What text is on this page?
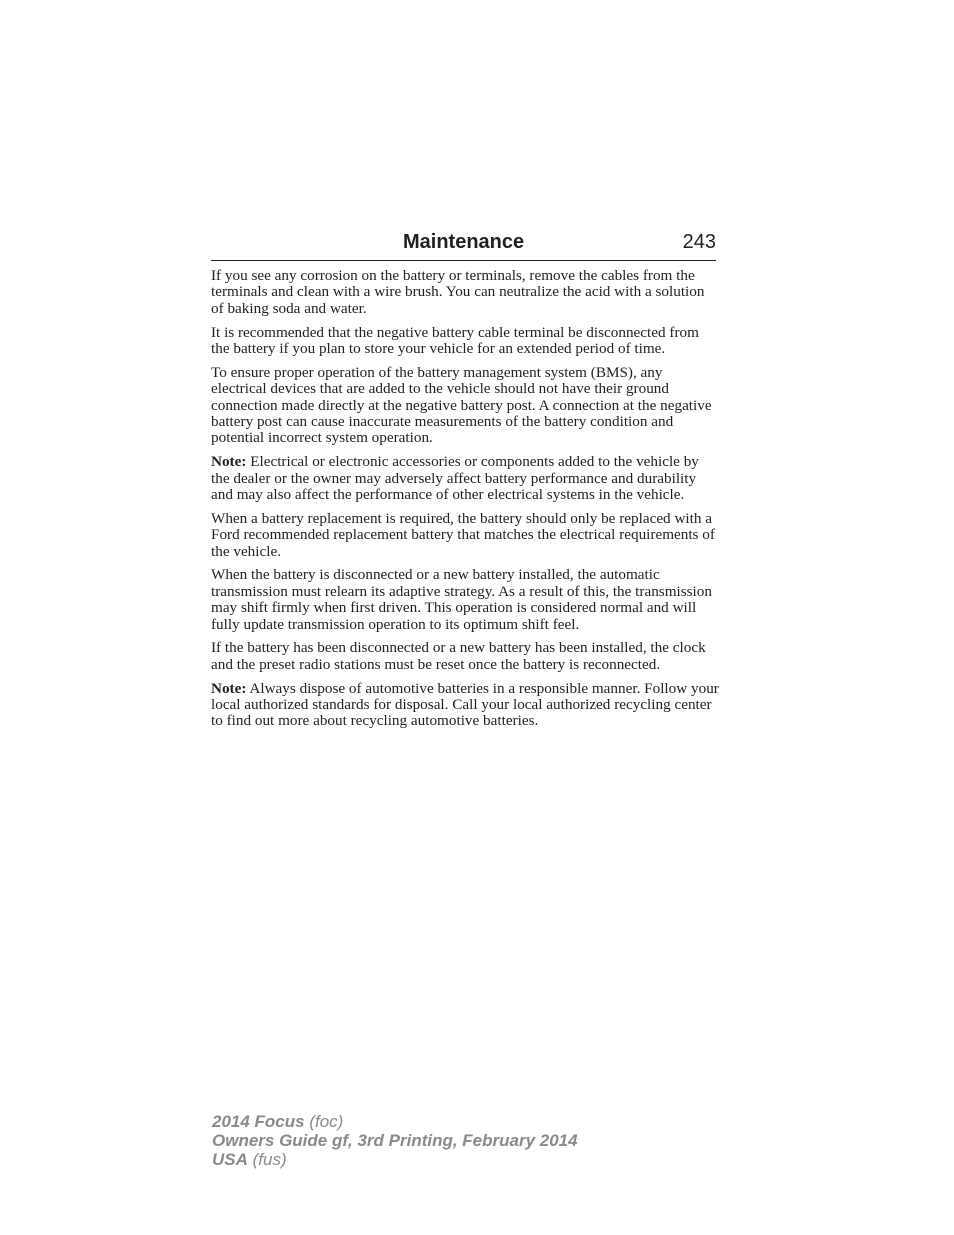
Maintenance	243

If you see any corrosion on the battery or terminals, remove the cables from the terminals and clean with a wire brush. You can neutralize the acid with a solution of baking soda and water.

It is recommended that the negative battery cable terminal be disconnected from the battery if you plan to store your vehicle for an extended period of time.

To ensure proper operation of the battery management system (BMS), any electrical devices that are added to the vehicle should not have their ground connection made directly at the negative battery post. A connection at the negative battery post can cause inaccurate measurements of the battery condition and potential incorrect system operation.

Note: Electrical or electronic accessories or components added to the vehicle by the dealer or the owner may adversely affect battery performance and durability and may also affect the performance of other electrical systems in the vehicle.

When a battery replacement is required, the battery should only be replaced with a Ford recommended replacement battery that matches the electrical requirements of the vehicle.

When the battery is disconnected or a new battery installed, the automatic transmission must relearn its adaptive strategy. As a result of this, the transmission may shift firmly when first driven. This operation is considered normal and will fully update transmission operation to its optimum shift feel.

If the battery has been disconnected or a new battery has been installed, the clock and the preset radio stations must be reset once the battery is reconnected.

Note: Always dispose of automotive batteries in a responsible manner. Follow your local authorized standards for disposal. Call your local authorized recycling center to find out more about recycling automotive batteries.

2014 Focus (foc)
Owners Guide gf, 3rd Printing, February 2014
USA (fus)
